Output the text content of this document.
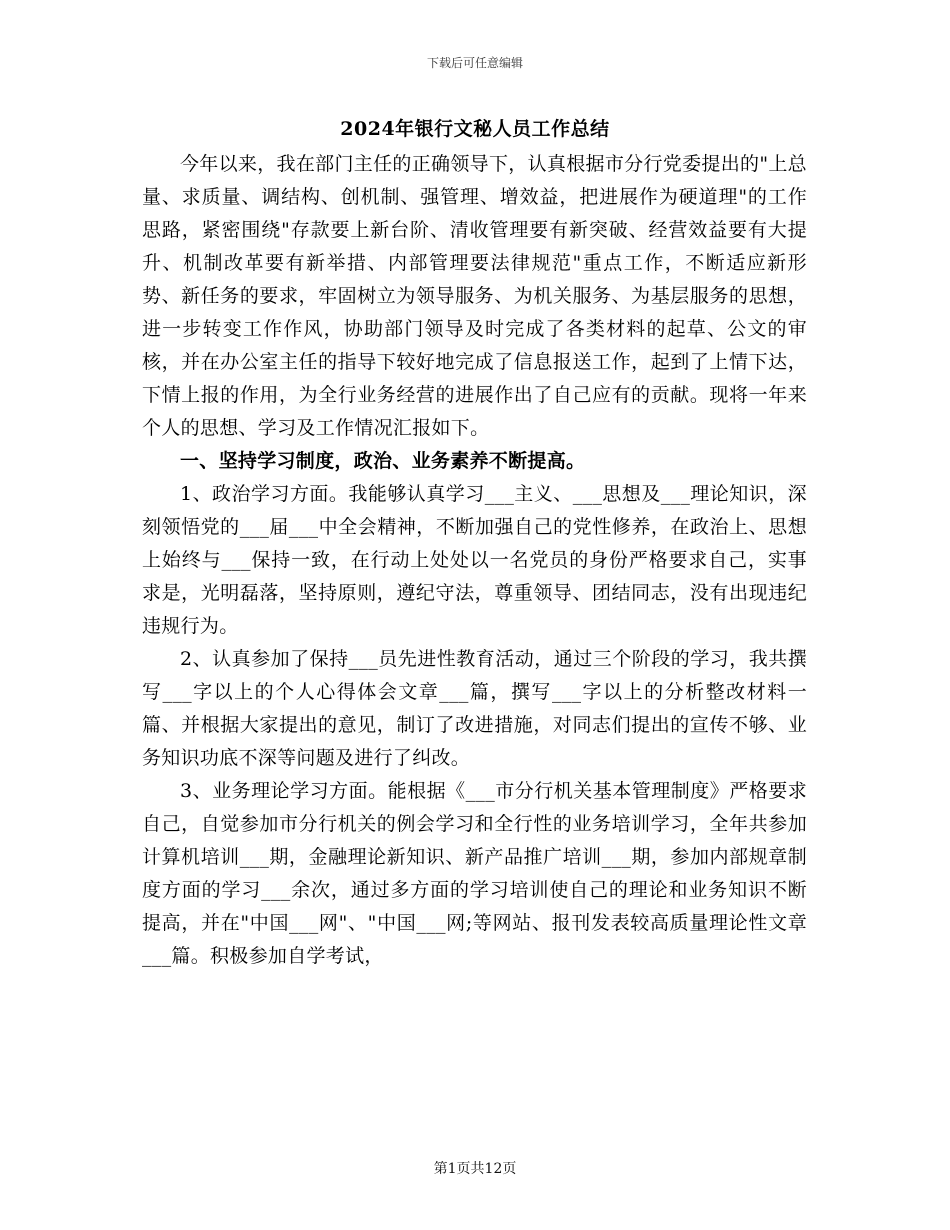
下载后可任意编辑
2024年银行文秘人员工作总结

今年以来，我在部门主任的正确领导下，认真根据市分行党委提出的"上总量、求质量、调结构、创机制、强管理、增效益，把进展作为硬道理"的工作思路，紧密围绕"存款要上新台阶、清收管理要有新突破、经营效益要有大提升、机制改革要有新举措、内部管理要法律规范"重点工作，不断适应新形势、新任务的要求，牢固树立为领导服务、为机关服务、为基层服务的思想，进一步转变工作作风，协助部门领导及时完成了各类材料的起草、公文的审核，并在办公室主任的指导下较好地完成了信息报送工作，起到了上情下达，下情上报的作用，为全行业务经营的进展作出了自己应有的贡献。现将一年来个人的思想、学习及工作情况汇报如下。

一、坚持学习制度，政治、业务素养不断提高。

1、政治学习方面。我能够认真学习___主义、___思想及___理论知识，深刻领悟党的___届___中全会精神，不断加强自己的党性修养，在政治上、思想上始终与___保持一致，在行动上处处以一名党员的身份严格要求自己，实事求是，光明磊落，坚持原则，遵纪守法，尊重领导、团结同志，没有出现违纪违规行为。

2、认真参加了保持___员先进性教育活动，通过三个阶段的学习，我共撰写___字以上的个人心得体会文章___篇，撰写___字以上的分析整改材料一篇、并根据大家提出的意见，制订了改进措施，对同志们提出的宣传不够、业务知识功底不深等问题及进行了纠改。

3、业务理论学习方面。能根据《___市分行机关基本管理制度》严格要求自己，自觉参加市分行机关的例会学习和全行性的业务培训学习，全年共参加计算机培训___期，金融理论新知识、新产品推广培训___期，参加内部规章制度方面的学习___余次，通过多方面的学习培训使自己的理论和业务知识不断提高，并在"中国___网"、"中国___网;等网站、报刊发表较高质量理论性文章___篇。积极参加自学考试，

第1页共12页
